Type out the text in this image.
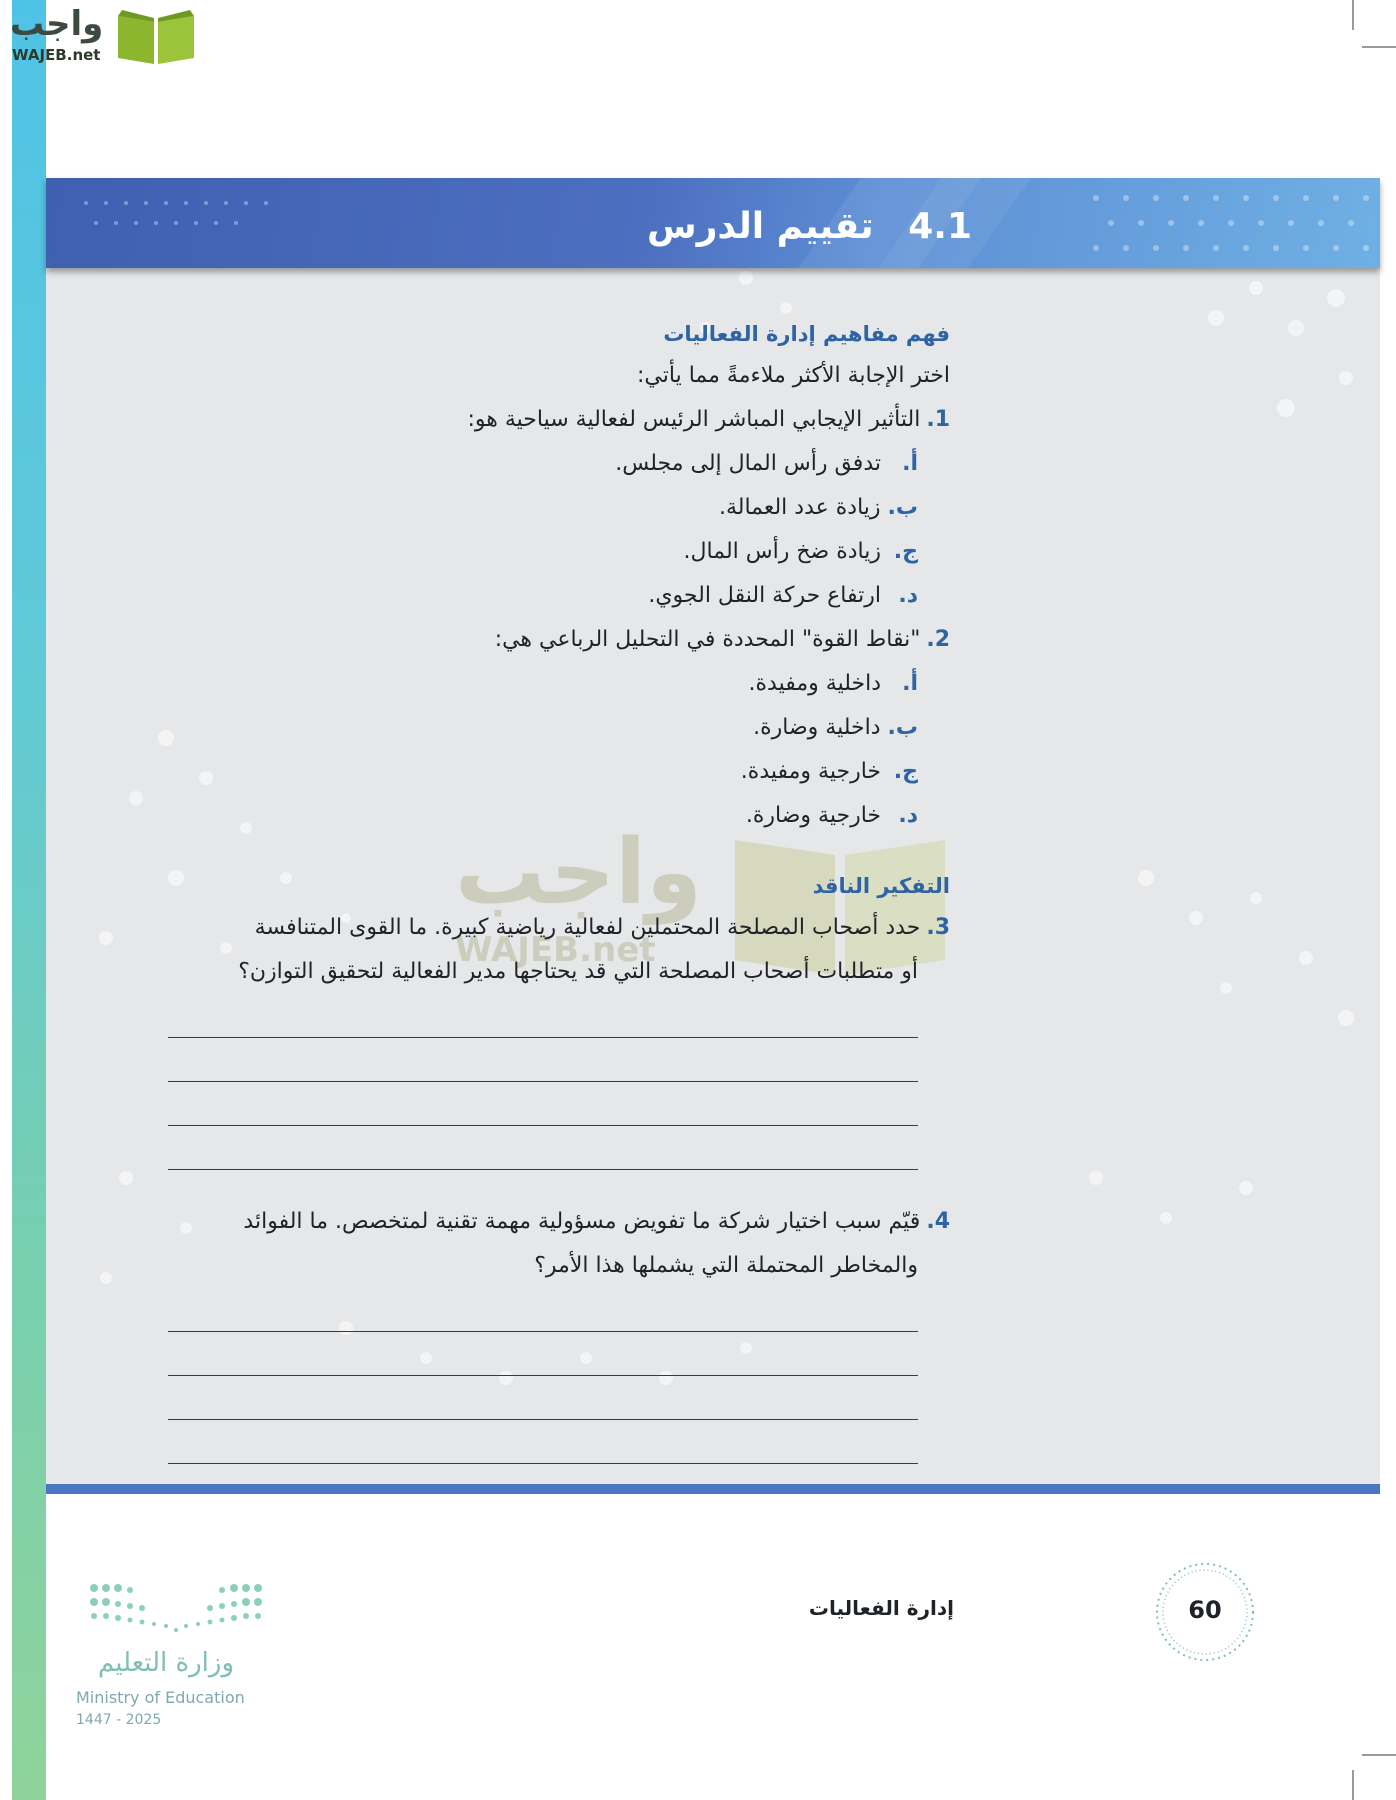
واجب
WAJEB.net
4.1 تقييم الدرس
واجب
WAJEB.net
فهم مفاهيم إدارة الفعاليات
اختر الإجابة الأكثر ملاءمةً مما يأتي:
1.التأثير الإيجابي المباشر الرئيس لفعالية سياحية هو:
أ. تدفق رأس المال إلى مجلس.
ب. زيادة عدد العمالة.
ج. زيادة ضخ رأس المال.
د. ارتفاع حركة النقل الجوي.
2."نقاط القوة" المحددة في التحليل الرباعي هي:
أ. داخلية ومفيدة.
ب. داخلية وضارة.
ج. خارجية ومفيدة.
د. خارجية وضارة.
التفكير الناقد
3.حدد أصحاب المصلحة المحتملين لفعالية رياضية كبيرة. ما القوى المتنافسة
أو متطلبات أصحاب المصلحة التي قد يحتاجها مدير الفعالية لتحقيق التوازن؟
4.قيّم سبب اختيار شركة ما تفويض مسؤولية مهمة تقنية لمتخصص. ما الفوائد
والمخاطر المحتملة التي يشملها هذا الأمر؟
إدارة الفعاليات	60
وزارة التعليم
Ministry of Education
2025 - 1447
